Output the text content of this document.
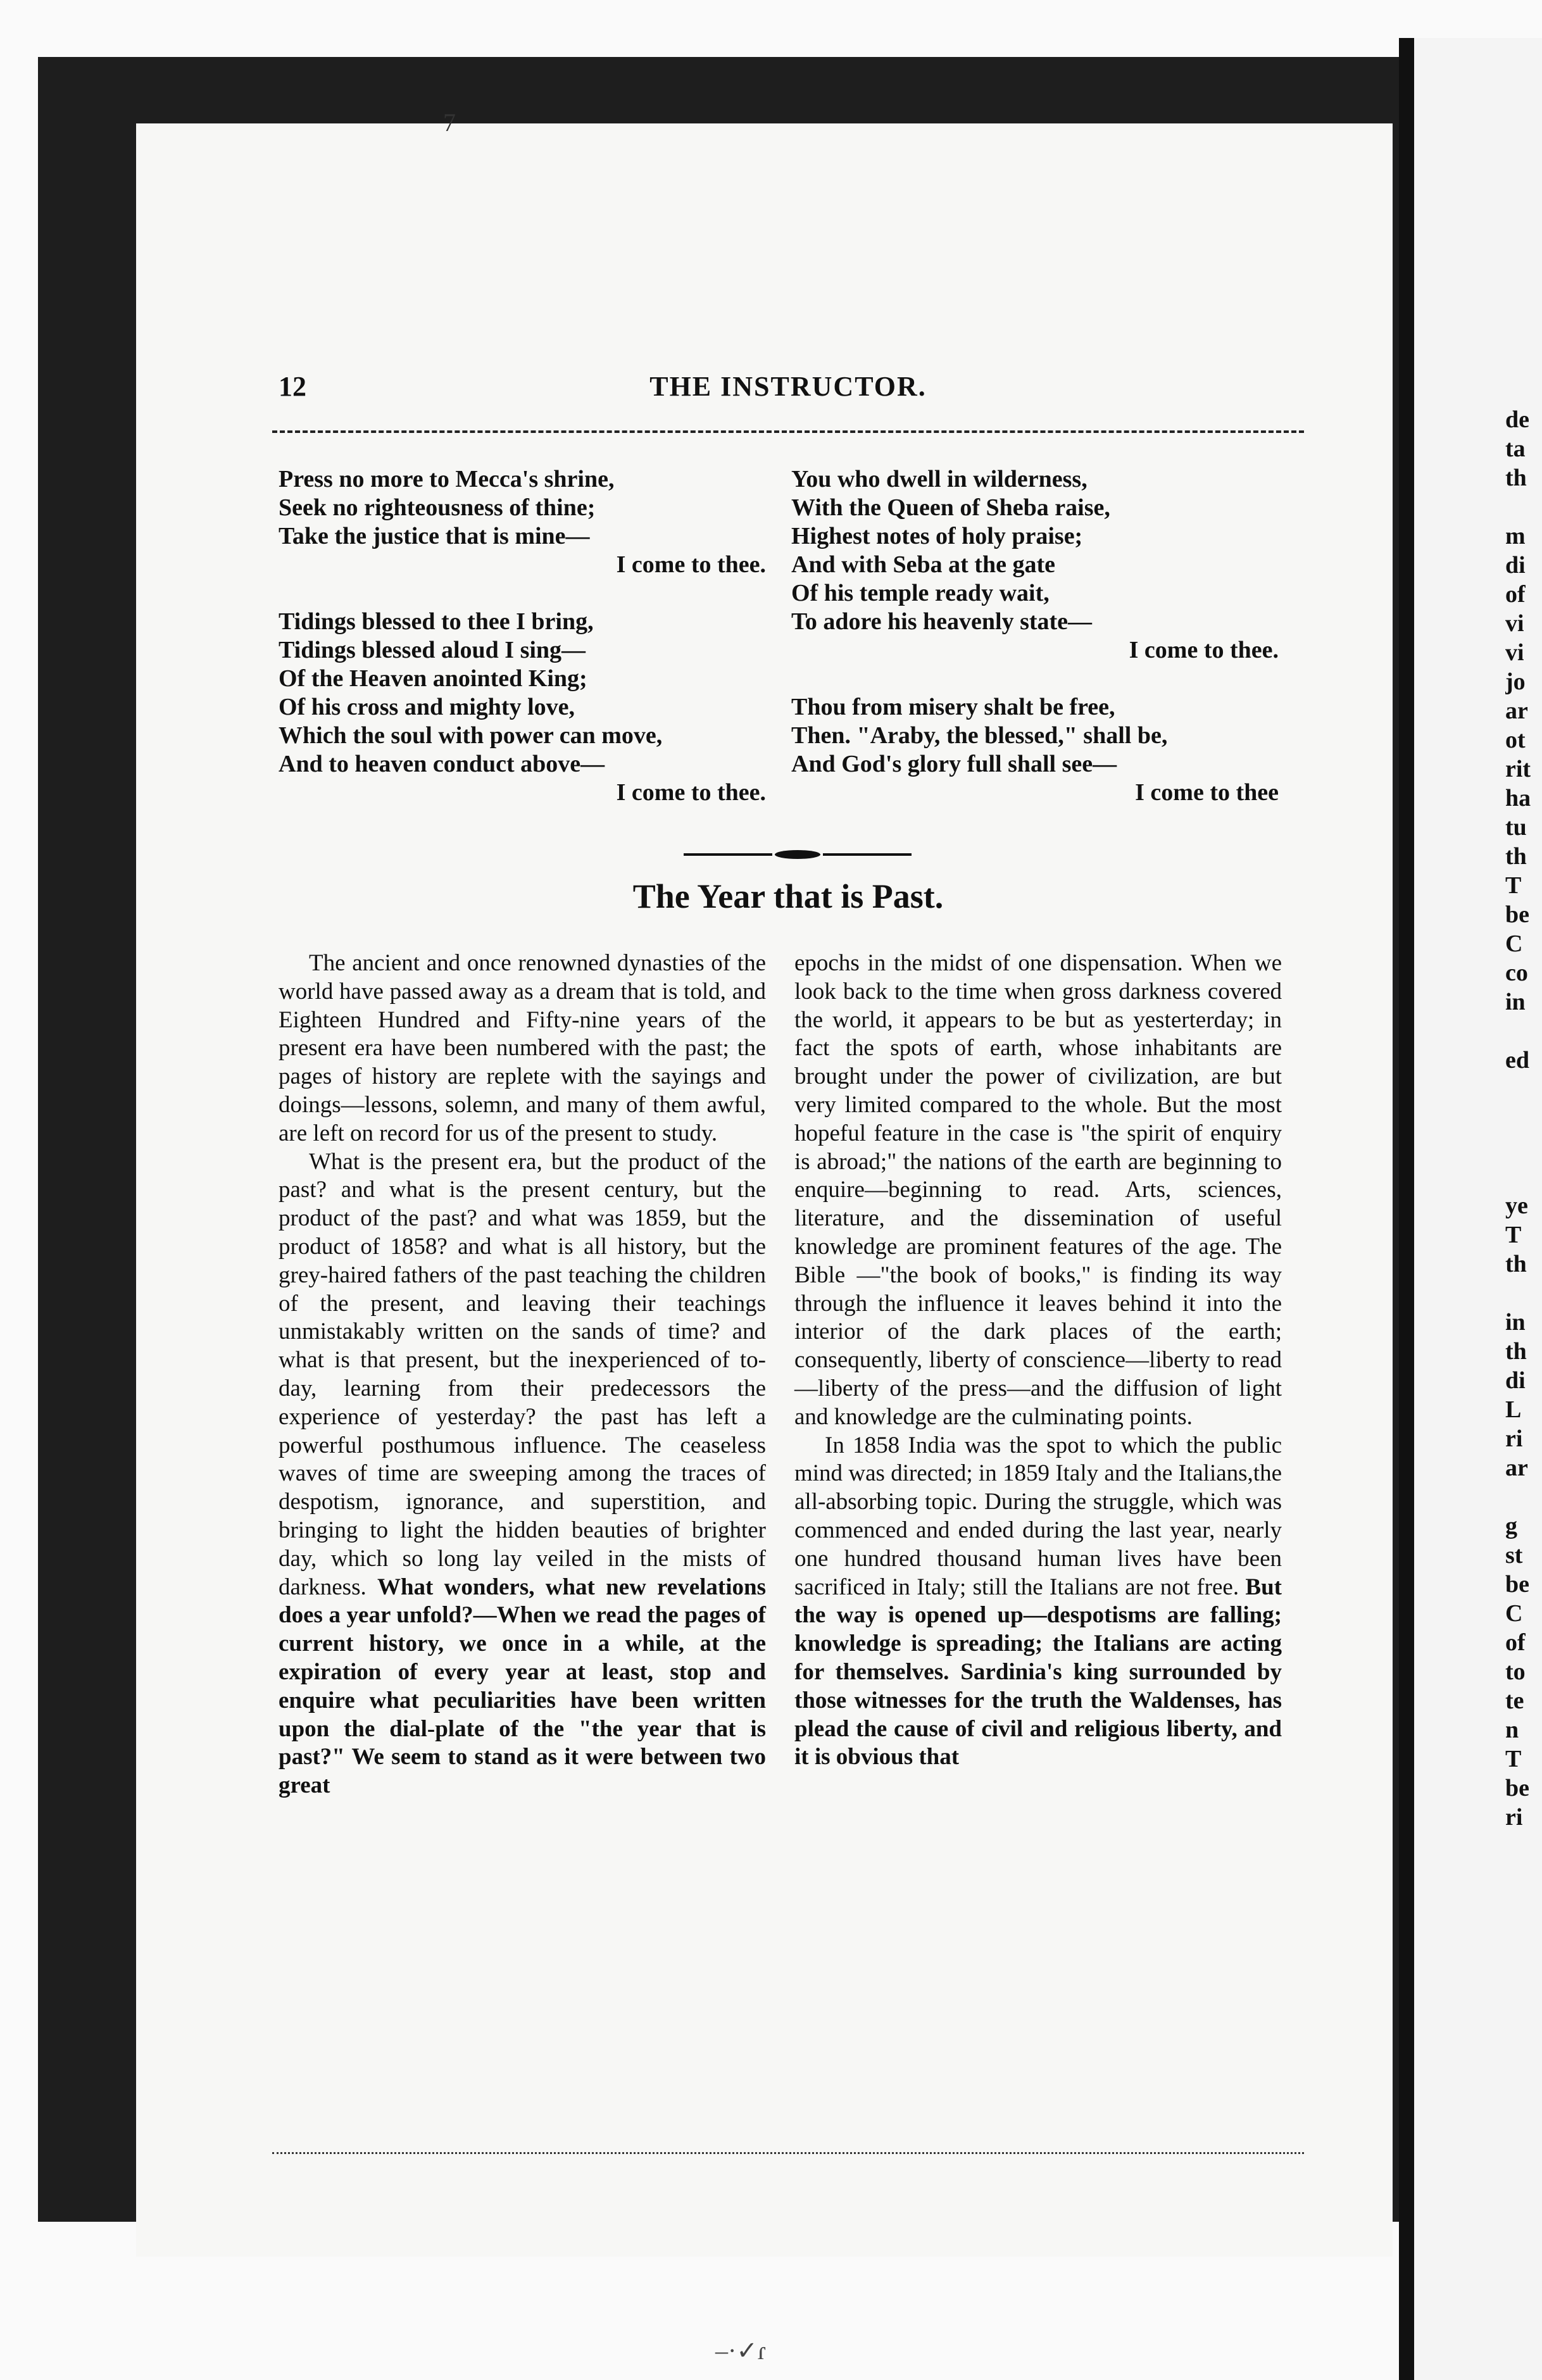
7
12	THE INSTRUCTOR.
Press no more to Mecca's shrine,
Seek no righteousness of thine;
Take the justice that is mine—
I come to thee.
Tidings blessed to thee I bring,
Tidings blessed aloud I sing—
Of the Heaven anointed King;
Of his cross and mighty love,
Which the soul with power can move,
And to heaven conduct above—
I come to thee.
You who dwell in wilderness,
With the Queen of Sheba raise,
Highest notes of holy praise;
And with Seba at the gate
Of his temple ready wait,
To adore his heavenly state—
I come to thee.
Thou from misery shalt be free,
Then. "Araby, the blessed," shall be,
And God's glory full shall see—
I come to thee
The Year that is Past.

The ancient and once renowned dynasties of the world have passed away as a dream that is told, and Eighteen Hundred and Fifty-nine years of the present era have been numbered with the past; the pages of history are replete with the sayings and doings—lessons, solemn, and many of them awful, are left on record for us of the present to study.

What is the present era, but the product of the past? and what is the present century, but the product of the past? and what was 1859, but the product of 1858? and what is all history, but the grey-haired fathers of the past teaching the children of the present, and leaving their teachings unmistakably written on the sands of time? and what is that present, but the inexperienced of to-day, learning from their predecessors the experience of yesterday? the past has left a powerful posthumous influence. The ceaseless waves of time are sweeping among the traces of despotism, ignorance, and superstition, and bringing to light the hidden beauties of brighter day, which so long lay veiled in the mists of darkness. What wonders, what new revelations does a year unfold?—When we read the pages of current history, we once in a while, at the expiration of every year at least, stop and enquire what peculiarities have been written upon the dial-plate of the "the year that is past?" We seem to stand as it were between two great

epochs in the midst of one dispensation. When we look back to the time when gross darkness covered the world, it appears to be but as yesterterday; in fact the spots of earth, whose inhabitants are brought under the power of civilization, are but very limited compared to the whole. But the most hopeful feature in the case is "the spirit of enquiry is abroad;" the nations of the earth are beginning to enquire—beginning to read. Arts, sciences, literature, and the dissemination of useful knowledge are prominent features of the age. The Bible —"the book of books," is finding its way through the influence it leaves behind it into the interior of the dark places of the earth; consequently, liberty of conscience—liberty to read —liberty of the press—and the diffusion of light and knowledge are the culminating points.

In 1858 India was the spot to which the public mind was directed; in 1859 Italy and the Italians,the all-absorbing topic. During the struggle, which was commenced and ended during the last year, nearly one hundred thousand human lives have been sacrificed in Italy; still the Italians are not free. But the way is opened up—despotisms are falling; knowledge is spreading; the Italians are acting for themselves. Sardinia's king surrounded by those witnesses for the truth the Waldenses, has plead the cause of civil and religious liberty, and it is obvious that

de
ta
th

m
di
of
vi
vi
jo
ar
ot
rit
ha
tu
th
T
be
C
co
in

ed

ye
T
th

in
th
di
L
ri
ar

g
st
be
C
of
to
te
n
T
be
ri
–·✓ɾ
